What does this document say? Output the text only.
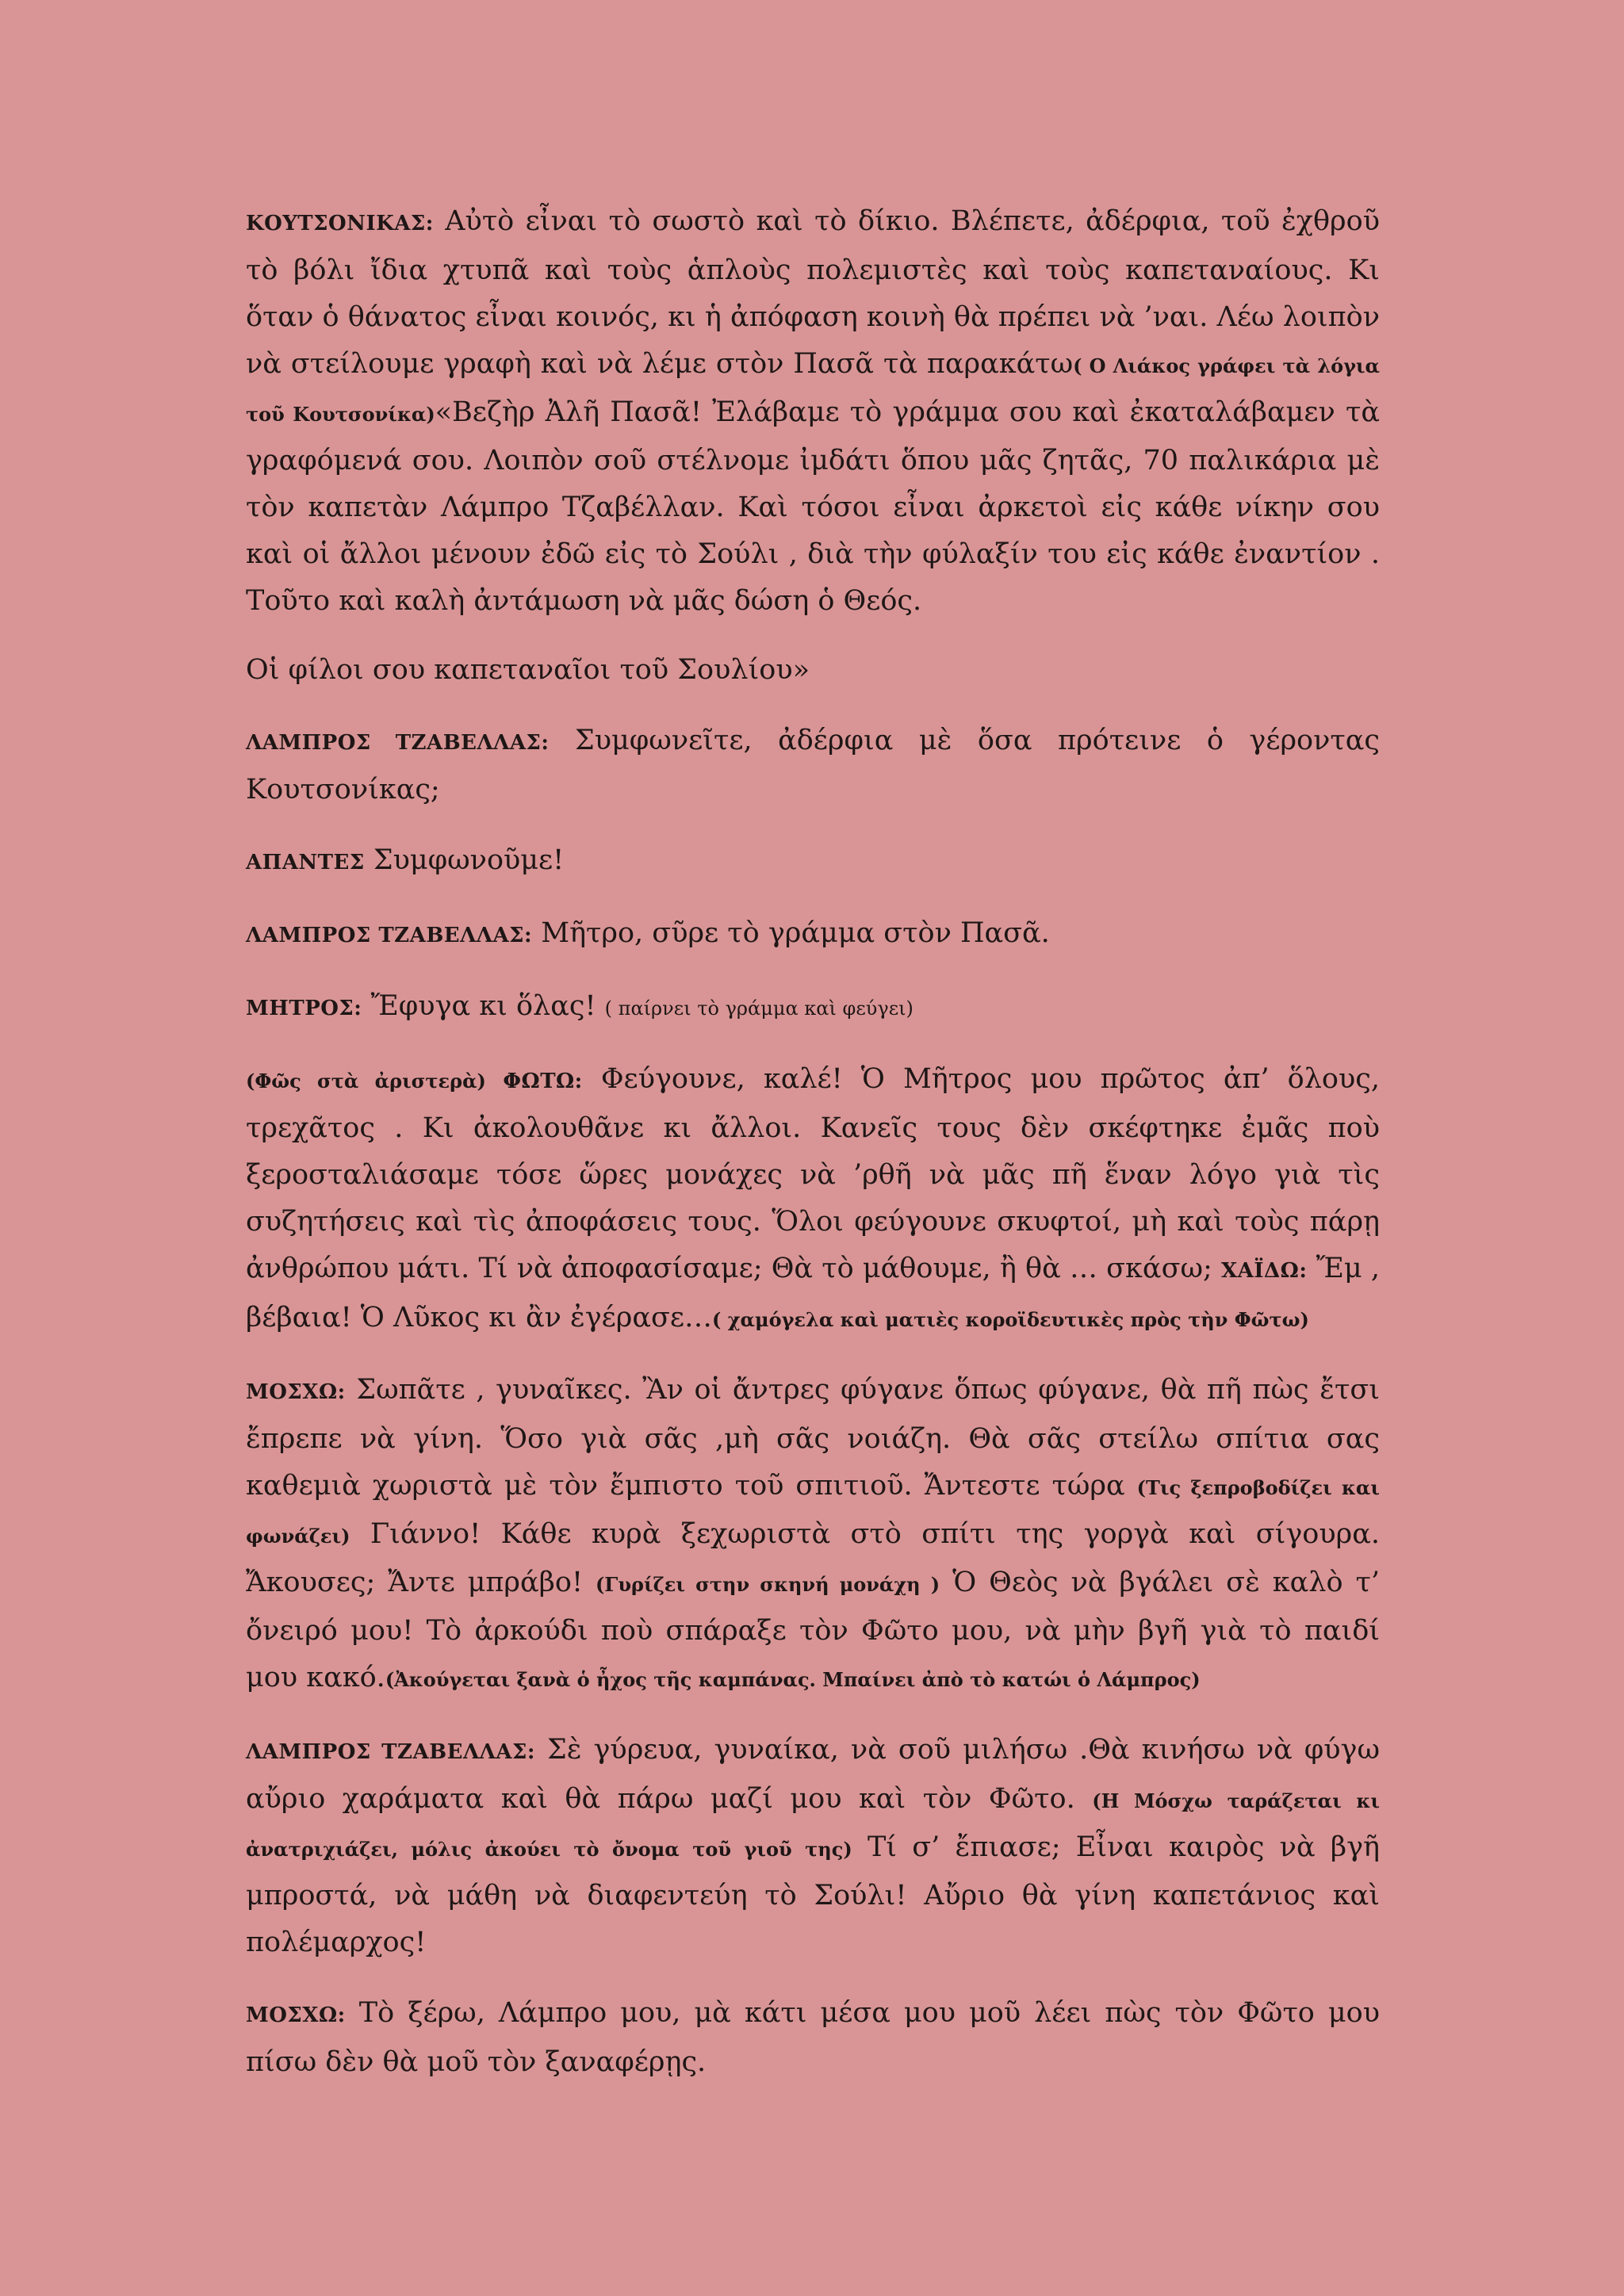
ΚΟΥΤΣΟΝΙΚΑΣ: Αὐτὸ εἶναι τὸ σωστὸ καὶ τὸ δίκιο. Βλέπετε, ἀδέρφια, τοῦ ἐχθροῦ τὸ βόλι ἴδια χτυπᾶ καὶ τοὺς ἁπλοὺς πολεμιστὲς καὶ τοὺς καπεταναίους. Κι ὅταν ὁ θάνατος εἶναι κοινός, κι ἡ ἀπόφαση κοινὴ θὰ πρέπει νὰ ’ναι. Λέω λοιπὸν νὰ στείλουμε γραφὴ καὶ νὰ λέμε στὸν Πασᾶ τὰ παρακάτω( Ο Λιάκος γράφει τὰ λόγια τοῦ Κουτσονίκα)«Βεζὴρ Ἀλῆ Πασᾶ! Ἐλάβαμε τὸ γράμμα σου καὶ ἐκαταλάβαμεν τὰ γραφόμενά σου. Λοιπὸν σοῦ στέλνομε ἰμδάτι ὅπου μᾶς ζητᾶς, 70 παλικάρια μὲ τὸν καπετὰν Λάμπρο Τζαβέλλαν. Καὶ τόσοι εἶναι ἀρκετοὶ εἰς κάθε νίκην σου καὶ οἱ ἄλλοι μένουν ἐδῶ εἰς τὸ Σούλι , διὰ τὴν φύλαξίν του εἰς κάθε ἐναντίον . Τοῦτο καὶ καλὴ ἀντάμωση νὰ μᾶς δώση ὁ Θεός.

Οἱ φίλοι σου καπεταναῖοι τοῦ Σουλίου»

ΛΑΜΠΡΟΣ ΤΖΑΒΕΛΛΑΣ: Συμφωνεῖτε, ἀδέρφια μὲ ὅσα πρότεινε ὁ γέροντας Κουτσονίκας;

ΑΠΑΝΤΕΣ Συμφωνοῦμε!

ΛΑΜΠΡΟΣ ΤΖΑΒΕΛΛΑΣ: Μῆτρο, σῦρε τὸ γράμμα στὸν Πασᾶ.

ΜΗΤΡΟΣ: Ἔφυγα κι ὅλας! ( παίρνει τὸ γράμμα καὶ φεύγει)

(Φῶς στὰ ἀριστερὰ) ΦΩΤΩ: Φεύγουνε, καλέ! Ὁ Μῆτρος μου πρῶτος ἀπ’ ὅλους, τρεχᾶτος . Κι ἀκολουθᾶνε κι ἄλλοι. Κανεῖς τους δὲν σκέφτηκε ἐμᾶς ποὺ ξεροσταλιάσαμε τόσε ὥρες μονάχες νὰ ’ρθῆ νὰ μᾶς πῆ ἕναν λόγο γιὰ τὶς συζητήσεις καὶ τὶς ἀποφάσεις τους. Ὅλοι φεύγουνε σκυφτοί, μὴ καὶ τοὺς πάρῃ ἀνθρώπου μάτι. Τί νὰ ἀποφασίσαμε; Θὰ τὸ μάθουμε, ἢ θὰ … σκάσω; ΧΑΪΔΩ: Ἔμ , βέβαια! Ὁ Λῦκος κι ἂν ἐγέρασε…( χαμόγελα καὶ ματιὲς κοροϊδευτικὲς πρὸς τὴν Φῶτω)

ΜΟΣΧΩ: Σωπᾶτε , γυναῖκες. Ἂν οἱ ἄντρες φύγανε ὅπως φύγανε, θὰ πῆ πὼς ἔτσι ἔπρεπε νὰ γίνη. Ὅσο γιὰ σᾶς ,μὴ σᾶς νοιάζη. Θὰ σᾶς στείλω σπίτια σας καθεμιὰ χωριστὰ μὲ τὸν ἔμπιστο τοῦ σπιτιοῦ. Ἄντεστε τώρα (Τις ξεπροβοδίζει και φωνάζει) Γιάννο! Κάθε κυρὰ ξεχωριστὰ στὸ σπίτι της γοργὰ καὶ σίγουρα. Ἄκουσες; Ἄντε μπράβο! (Γυρίζει στην σκηνή μονάχη ) Ὁ Θεὸς νὰ βγάλει σὲ καλὸ τ’ ὄνειρό μου! Τὸ ἀρκούδι ποὺ σπάραξε τὸν Φῶτο μου, νὰ μὴν βγῆ γιὰ τὸ παιδί μου κακό.(Ἀκούγεται ξανὰ ὁ ἦχος τῆς καμπάνας. Μπαίνει ἀπὸ τὸ κατώι ὁ Λάμπρος)

ΛΑΜΠΡΟΣ ΤΖΑΒΕΛΛΑΣ: Σὲ γύρευα, γυναίκα, νὰ σοῦ μιλήσω .Θὰ κινήσω νὰ φύγω αὔριο χαράματα καὶ θὰ πάρω μαζί μου καὶ τὸν Φῶτο. (Η Μόσχω ταράζεται κι ἀνατριχιάζει, μόλις ἀκούει τὸ ὄνομα τοῦ γιοῦ της) Τί σ’ ἔπιασε; Εἶναι καιρὸς νὰ βγῆ μπροστά, νὰ μάθη νὰ διαφεντεύη τὸ Σούλι! Αὔριο θὰ γίνη καπετάνιος καὶ πολέμαρχος!

ΜΟΣΧΩ: Τὸ ξέρω, Λάμπρο μου, μὰ κάτι μέσα μου μοῦ λέει πὼς τὸν Φῶτο μου πίσω δὲν θὰ μοῦ τὸν ξαναφέρῃς.
